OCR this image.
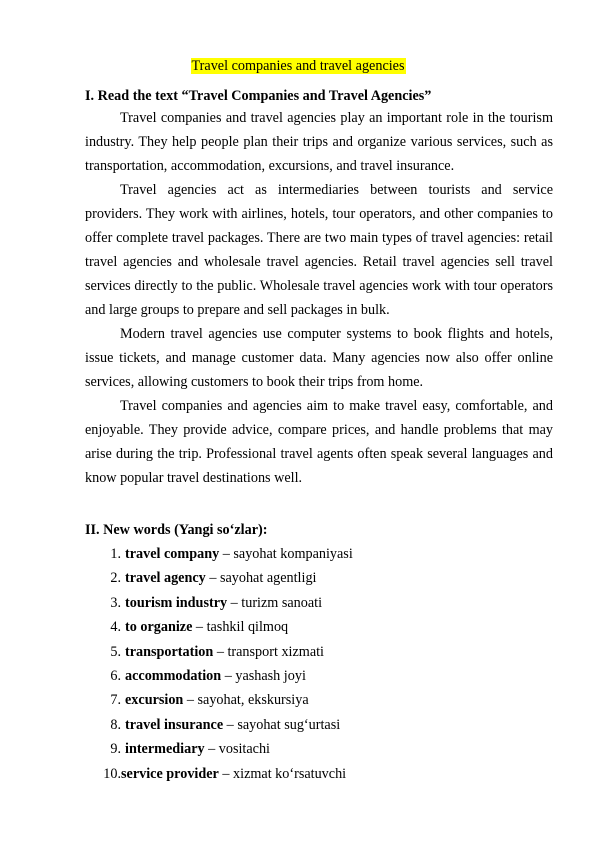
Travel companies and travel agencies
I. Read the text “Travel Companies and Travel Agencies”

Travel companies and travel agencies play an important role in the tourism industry. They help people plan their trips and organize various services, such as transportation, accommodation, excursions, and travel insurance.

Travel agencies act as intermediaries between tourists and service providers. They work with airlines, hotels, tour operators, and other companies to offer complete travel packages. There are two main types of travel agencies: retail travel agencies and wholesale travel agencies. Retail travel agencies sell travel services directly to the public. Wholesale travel agencies work with tour operators and large groups to prepare and sell packages in bulk.

Modern travel agencies use computer systems to book flights and hotels, issue tickets, and manage customer data. Many agencies now also offer online services, allowing customers to book their trips from home.

Travel companies and agencies aim to make travel easy, comfortable, and enjoyable. They provide advice, compare prices, and handle problems that may arise during the trip. Professional travel agents often speak several languages and know popular travel destinations well.

II. New words (Yangi so‘zlar):
1. travel company – sayohat kompaniyasi
2. travel agency – sayohat agentligi
3. tourism industry – turizm sanoati
4. to organize – tashkil qilmoq
5. transportation – transport xizmati
6. accommodation – yashash joyi
7. excursion – sayohat, ekskursiya
8. travel insurance – sayohat sug‘urtasi
9. intermediary – vositachi
10.service provider – xizmat ko‘rsatuvchi
